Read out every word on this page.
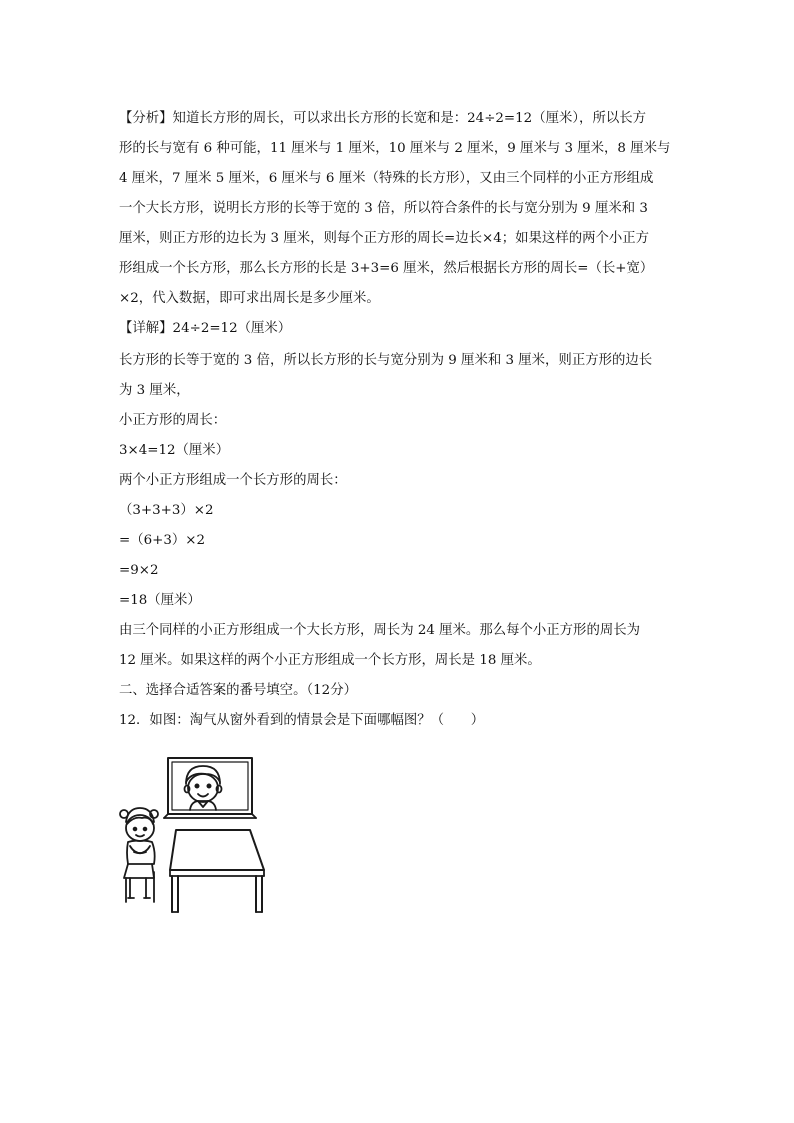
【分析】知道长方形的周长，可以求出长方形的长宽和是：24÷2=12（厘米），所以长方
形的长与宽有 6 种可能，11 厘米与 1 厘米，10 厘米与 2 厘米，9 厘米与 3 厘米，8 厘米与
4 厘米，7 厘米 5 厘米，6 厘米与 6 厘米（特殊的长方形），又由三个同样的小正方形组成
一个大长方形，说明长方形的长等于宽的 3 倍，所以符合条件的长与宽分别为 9 厘米和 3
厘米，则正方形的边长为 3 厘米，则每个正方形的周长=边长×4；如果这样的两个小正方
形组成一个长方形，那么长方形的长是 3+3=6 厘米，然后根据长方形的周长=（长+宽）
×2，代入数据，即可求出周长是多少厘米。
【详解】24÷2=12（厘米）
长方形的长等于宽的 3 倍，所以长方形的长与宽分别为 9 厘米和 3 厘米，则正方形的边长
为 3 厘米，
小正方形的周长：
3×4=12（厘米）
两个小正方形组成一个长方形的周长：
（3+3+3）×2
=（6+3）×2
=9×2
=18（厘米）
由三个同样的小正方形组成一个大长方形，周长为 24 厘米。那么每个小正方形的周长为
12 厘米。如果这样的两个小正方形组成一个长方形，周长是 18 厘米。
二、选择合适答案的番号填空。（12分）
12．如图：淘气从窗外看到的情景会是下面哪幅图？（　　）
